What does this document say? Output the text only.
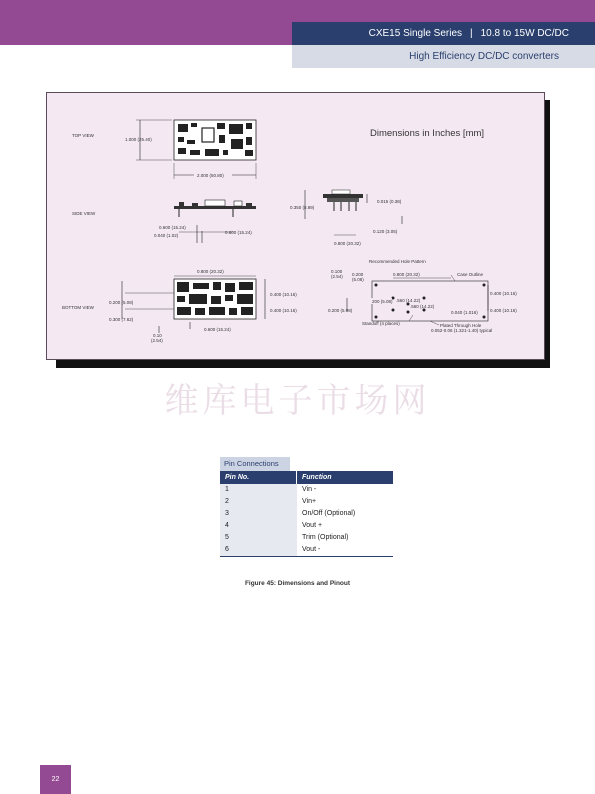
CXE15 Single Series | 10.8 to 15W DC/DC
High Efficiency DC/DC converters
Dimensions in Inches [mm]
TOP VIEW
1.000 (25.40)
2.000 (50.80)
SIDE VIEW
0.600 (15.24)
0.040 (1.02)
0.600 (15.24)
0.350 (8.89)
0.015 (0.38)
0.120 (3.05)
0.800 (20.32)
BOTTOM VIEW
0.800 (20.32)
0.200 (5.08)
0.300 (7.62)
0.400 (10.16)
0.400 (10.16)
0.600 (15.24)
0.10
(2.54)
Recommended Hole Pattern
0.100
(2.54) 0.200
(5.08)
0.800 (20.32)	Case Outline
0.400 (10.16)
0.400 (10.16)
0.040 (1.016)
0.200 (5.08)
200 (5.08) .560 (14.22)
.560 (14.22)
Standoff (4 places)	Plated Through Hole
0.052-0.06 (1.321-1.40) typical
维库电子市场网
Pin Connections
Pin No.	Function
1	Vin -
2	Vin+
3	On/Off (Optional)
4	Vout +
5	Trim (Optional)
6	Vout -
Figure 45: Dimensions and Pinout
22
